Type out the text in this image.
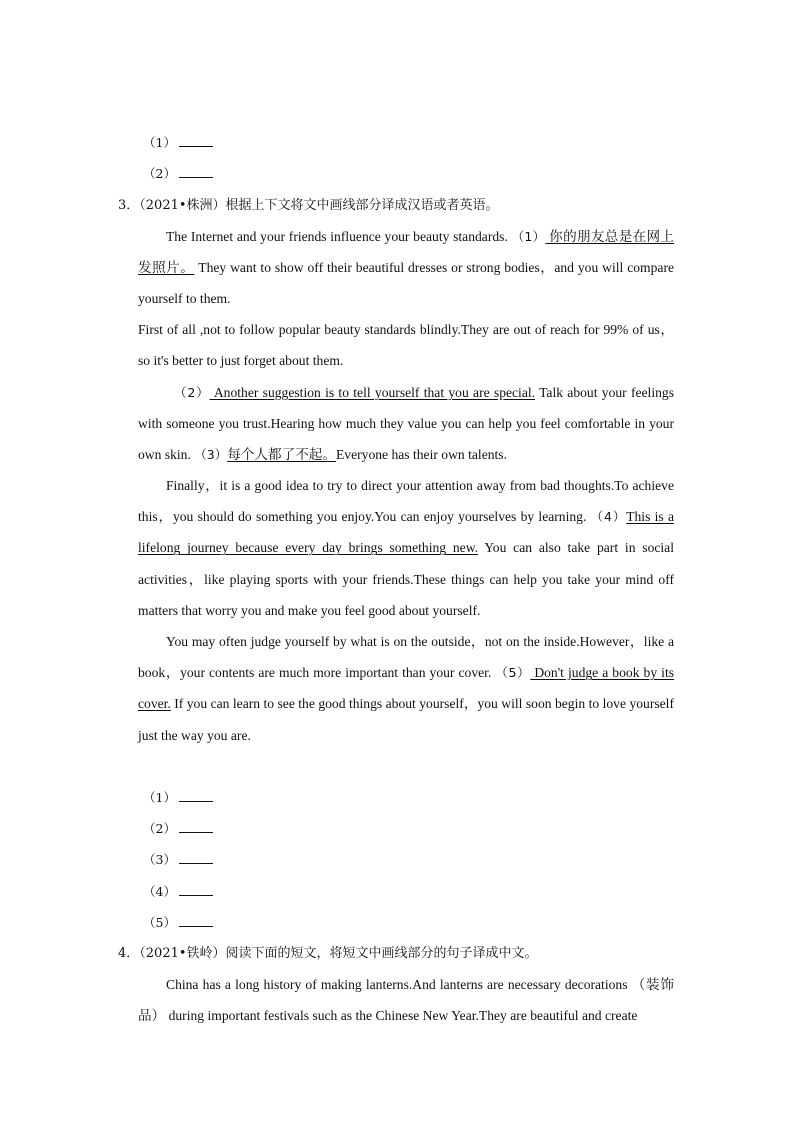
（1）
（2）
3．（2021•株洲）根据上下文将文中画线部分译成汉语或者英语。

The Internet and your friends influence your beauty standards. （1） 你的朋友总是在网上发照片。 They want to show off their beautiful dresses or strong bodies，and you will compare yourself to them.

First of all ,not to follow popular beauty standards blindly.They are out of reach for 99% of us，so it's better to just forget about them.

（2） Another suggestion is to tell yourself that you are special. Talk about your feelings with someone you trust.Hearing how much they value you can help you feel comfortable in your own skin. （3）每个人都了不起。Everyone has their own talents.

Finally，it is a good idea to try to direct your attention away from bad thoughts.To achieve this，you should do something you enjoy.You can enjoy yourselves by learning. （4）This is a lifelong journey because every day brings something new. You can also take part in social activities，like playing sports with your friends.These things can help you take your mind off matters that worry you and make you feel good about yourself.

You may often judge yourself by what is on the outside，not on the inside.However，like a book，your contents are much more important than your cover. （5） Don't judge a book by its cover. If you can learn to see the good things about yourself，you will soon begin to love yourself just the way you are.

（1）
（2）
（3）
（4）
（5）
4．（2021•铁岭）阅读下面的短文，将短文中画线部分的句子译成中文。

China has a long history of making lanterns.And lanterns are necessary decorations （装饰品） during important festivals such as the Chinese New Year.They are beautiful and create
